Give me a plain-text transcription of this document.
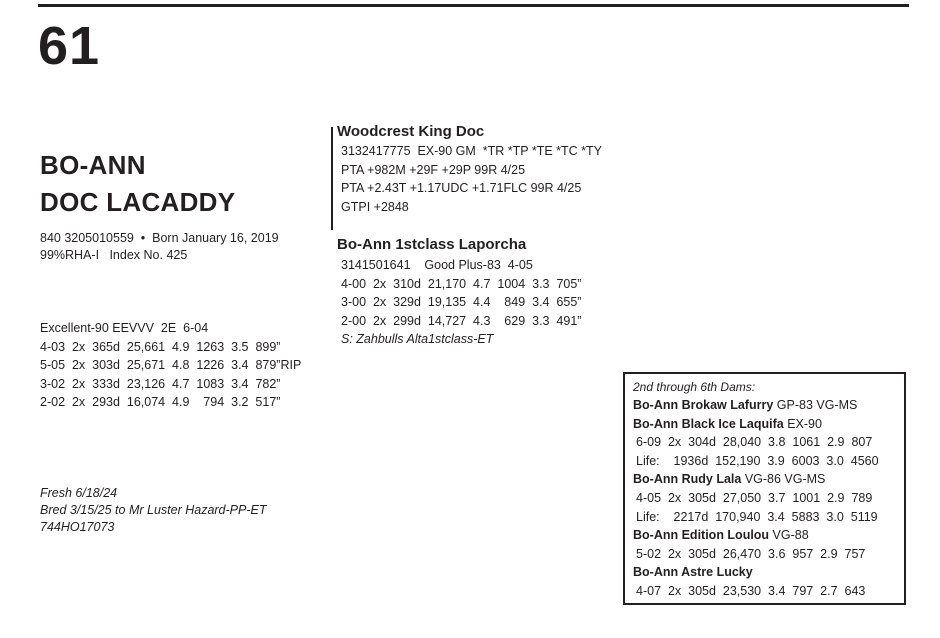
61
BO-ANN
DOC LACADDY
840 3205010559  •  Born January 16, 2019
99%RHA-I   Index No. 425
Excellent-90 EEVVV  2E  6-04
4-03  2x  365d  25,661  4.9  1263  3.5  899”
5-05  2x  303d  25,671  4.8  1226  3.4  879”RIP
3-02  2x  333d  23,126  4.7  1083  3.4  782”
2-02  2x  293d  16,074  4.9    794  3.2  517”
Fresh 6/18/24
Bred 3/15/25 to Mr Luster Hazard-PP-ET
744HO17073
Woodcrest King Doc
3132417775  EX-90 GM  *TR *TP *TE *TC *TY
PTA +982M +29F +29P 99R 4/25
PTA +2.43T +1.17UDC +1.71FLC 99R 4/25
GTPI +2848
Bo-Ann 1stclass Laporcha
3141501641    Good Plus-83  4-05
4-00  2x  310d  21,170  4.7  1004  3.3  705”
3-00  2x  329d  19,135  4.4    849  3.4  655”
2-00  2x  299d  14,727  4.3    629  3.3  491”
S: Zahbulls Alta1stclass-ET
2nd through 6th Dams:
Bo-Ann Brokaw Lafurry GP-83 VG-MS
Bo-Ann Black Ice Laquifa EX-90
6-09  2x  304d  28,040  3.8  1061  2.9  807
Life:    1936d  152,190  3.9  6003  3.0  4560
Bo-Ann Rudy Lala VG-86 VG-MS
4-05  2x  305d  27,050  3.7  1001  2.9  789
Life:    2217d  170,940  3.4  5883  3.0  5119
Bo-Ann Edition Loulou VG-88
5-02  2x  305d  26,470  3.6  957  2.9  757
Bo-Ann Astre Lucky
4-07  2x  305d  23,530  3.4  797  2.7  643
